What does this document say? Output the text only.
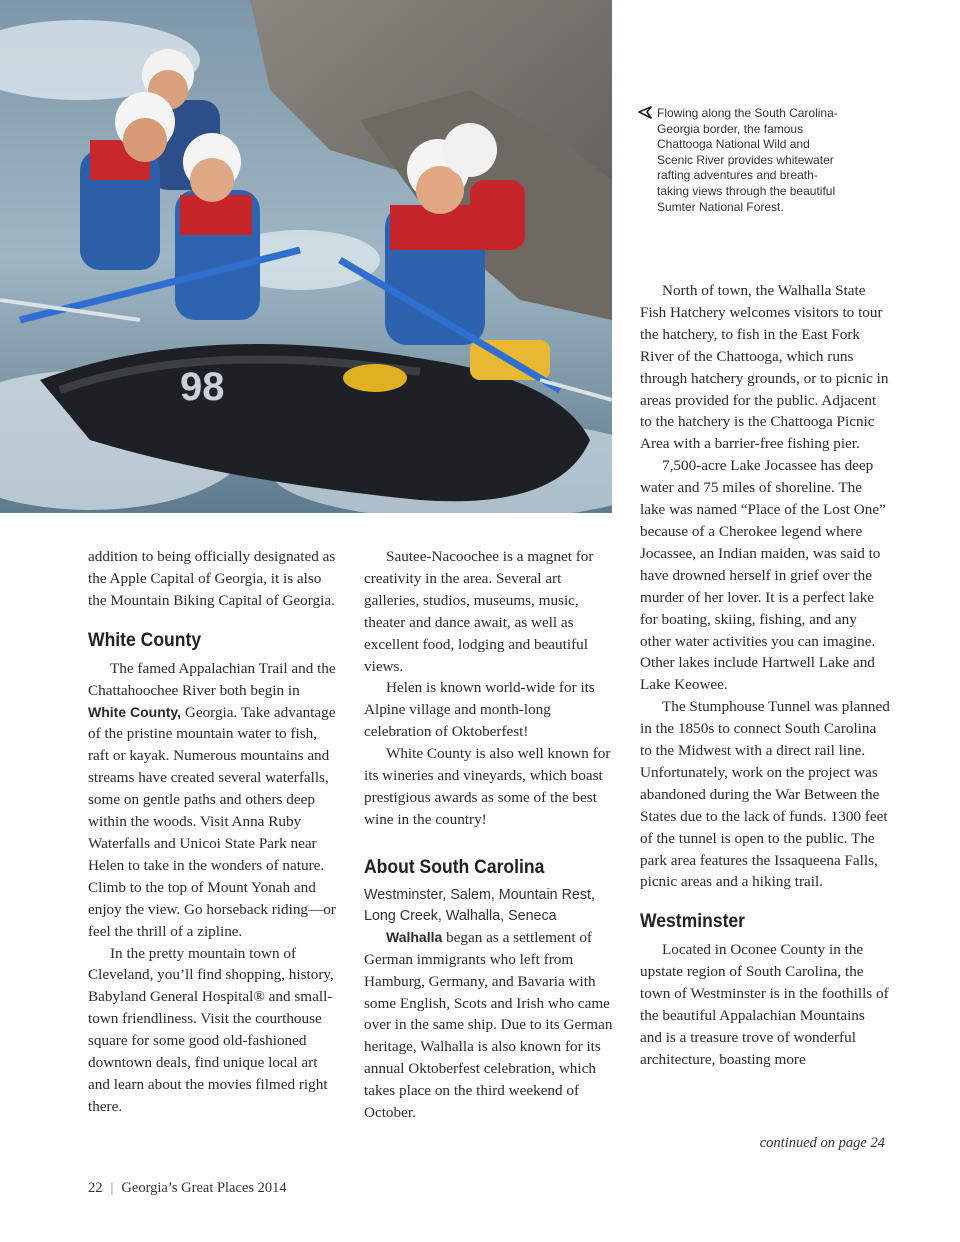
98
Flowing along the South Carolina-Georgia border, the famous Chattooga National Wild and Scenic River provides whitewater rafting adventures and breath-taking views through the beautiful Sumter National Forest.

addition to being officially designated as the Apple Capital of Georgia, it is also the Mountain Biking Capital of Georgia.

White County

The famed Appalachian Trail and the Chattahoochee River both begin in White County, Georgia. Take advantage of the pristine mountain water to fish, raft or kayak. Numerous mountains and streams have created several waterfalls, some on gentle paths and others deep within the woods. Visit Anna Ruby Waterfalls and Unicoi State Park near Helen to take in the wonders of nature. Climb to the top of Mount Yonah and enjoy the view. Go horseback riding—or feel the thrill of a zipline.

In the pretty mountain town of Cleveland, you’ll find shopping, history, Babyland General Hospital® and small-town friendliness. Visit the courthouse square for some good old-fashioned downtown deals, find unique local art and learn about the movies filmed right there.

Sautee-Nacoochee is a magnet for creativity in the area. Several art galleries, studios, museums, music, theater and dance await, as well as excellent food, lodging and beautiful views.

Helen is known world-wide for its Alpine village and month-long celebration of Oktoberfest!

White County is also well known for its wineries and vineyards, which boast prestigious awards as some of the best wine in the country!

About South Carolina

Westminster, Salem, Mountain Rest, Long Creek, Walhalla, Seneca

Walhalla began as a settlement of German immigrants who left from Hamburg, Germany, and Bavaria with some English, Scots and Irish who came over in the same ship. Due to its German heritage, Walhalla is also known for its annual Oktoberfest celebration, which takes place on the third weekend of October.

North of town, the Walhalla State Fish Hatchery welcomes visitors to tour the hatchery, to fish in the East Fork River of the Chattooga, which runs through hatchery grounds, or to picnic in areas provided for the public. Adjacent to the hatchery is the Chattooga Picnic Area with a barrier-free fishing pier.

7,500-acre Lake Jocassee has deep water and 75 miles of shoreline. The lake was named “Place of the Lost One” because of a Cherokee legend where Jocassee, an Indian maiden, was said to have drowned herself in grief over the murder of her lover. It is a perfect lake for boating, skiing, fishing, and any other water activities you can imagine. Other lakes include Hartwell Lake and Lake Keowee.

The Stumphouse Tunnel was planned in the 1850s to connect South Carolina to the Midwest with a direct rail line. Unfortunately, work on the project was abandoned during the War Between the States due to the lack of funds. 1300 feet of the tunnel is open to the public. The park area features the Issaqueena Falls, picnic areas and a hiking trail.

Westminster

Located in Oconee County in the upstate region of South Carolina, the town of Westminster is in the foothills of the beautiful Appalachian Mountains and is a treasure trove of wonderful architecture, boasting more

continued on page 24
22 | Georgia’s Great Places 2014
